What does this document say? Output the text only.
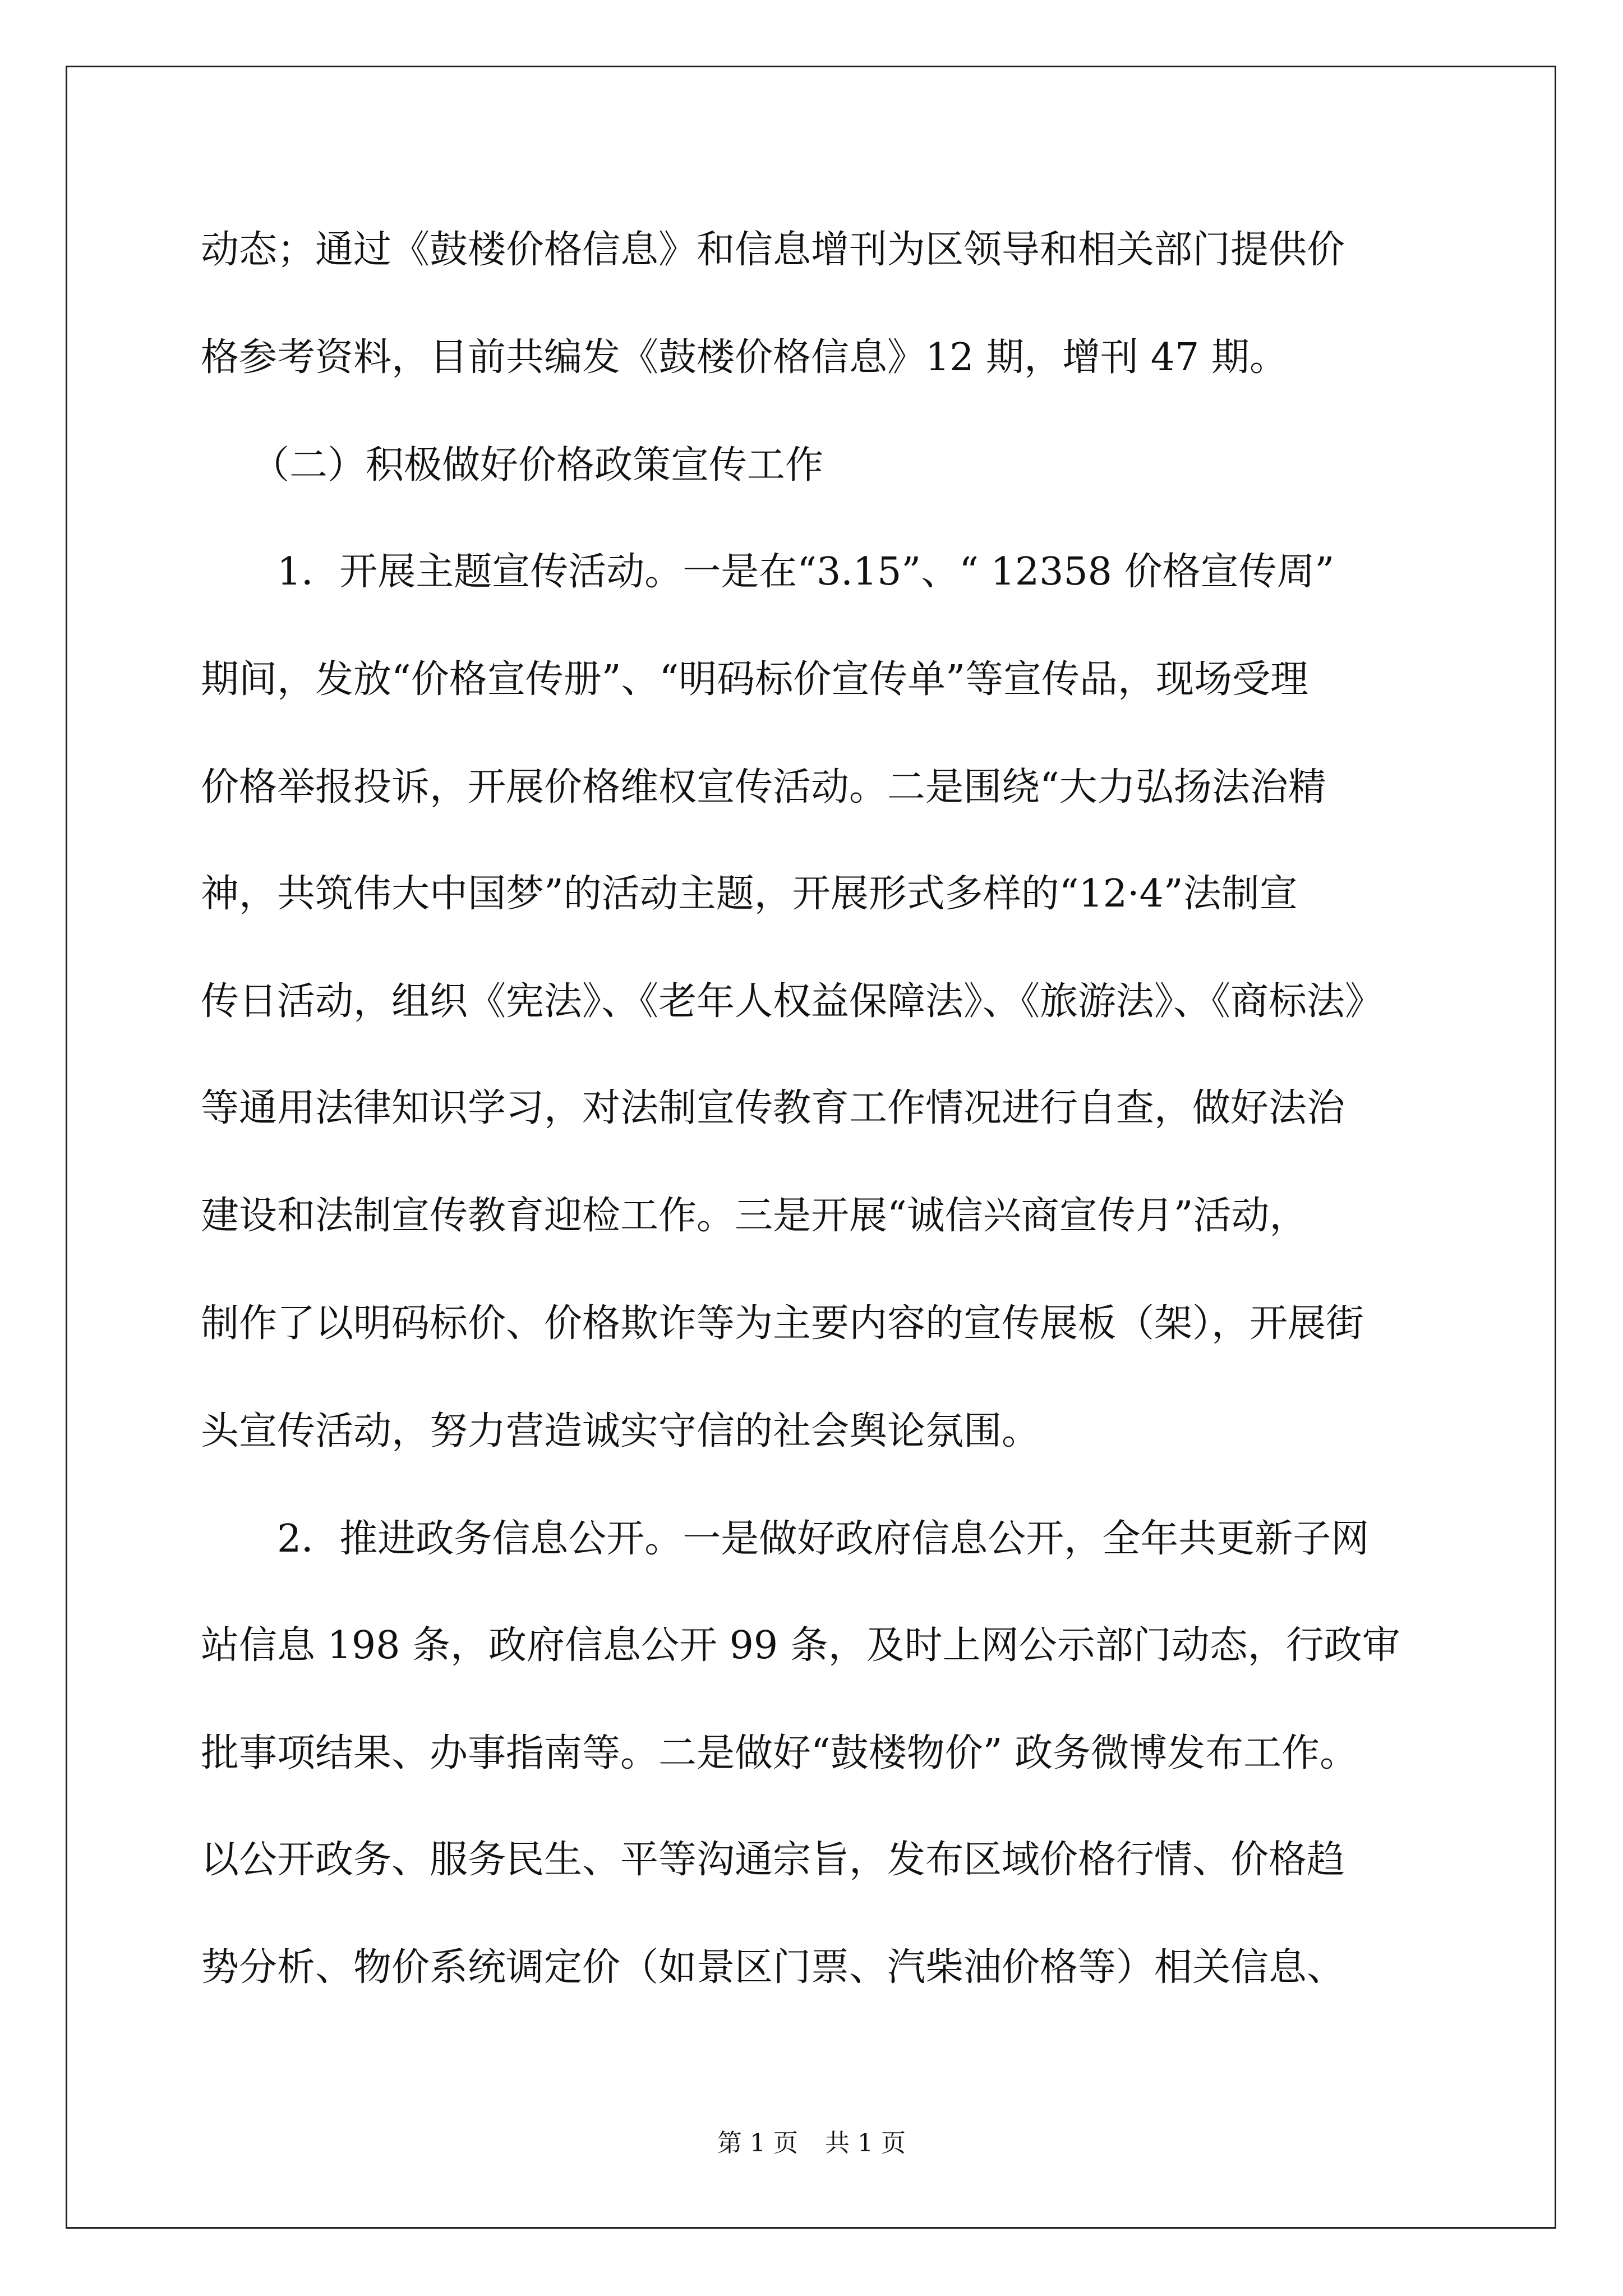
动态；通过《鼓楼价格信息》和信息增刊为区领导和相关部门提供价
格参考资料，目前共编发《鼓楼价格信息》12 期，增刊 47 期。
（二）积极做好价格政策宣传工作
1．开展主题宣传活动。一是在“3.15”、“ 12358 价格宣传周”
期间，发放“价格宣传册”、“明码标价宣传单”等宣传品，现场受理
价格举报投诉，开展价格维权宣传活动。二是围绕“大力弘扬法治精
神，共筑伟大中国梦”的活动主题，开展形式多样的“12·4”法制宣
传日活动，组织《宪法》、《老年人权益保障法》、《旅游法》、《商标法》
等通用法律知识学习，对法制宣传教育工作情况进行自查，做好法治
建设和法制宣传教育迎检工作。三是开展“诚信兴商宣传月”活动，
制作了以明码标价、价格欺诈等为主要内容的宣传展板（架），开展街
头宣传活动，努力营造诚实守信的社会舆论氛围。
2．推进政务信息公开。一是做好政府信息公开，全年共更新子网
站信息 198 条，政府信息公开 99 条，及时上网公示部门动态，行政审
批事项结果、办事指南等。二是做好“鼓楼物价” 政务微博发布工作。
以公开政务、服务民生、平等沟通宗旨，发布区域价格行情、价格趋
势分析、物价系统调定价（如景区门票、汽柴油价格等）相关信息、
第 1 页 共 1 页
